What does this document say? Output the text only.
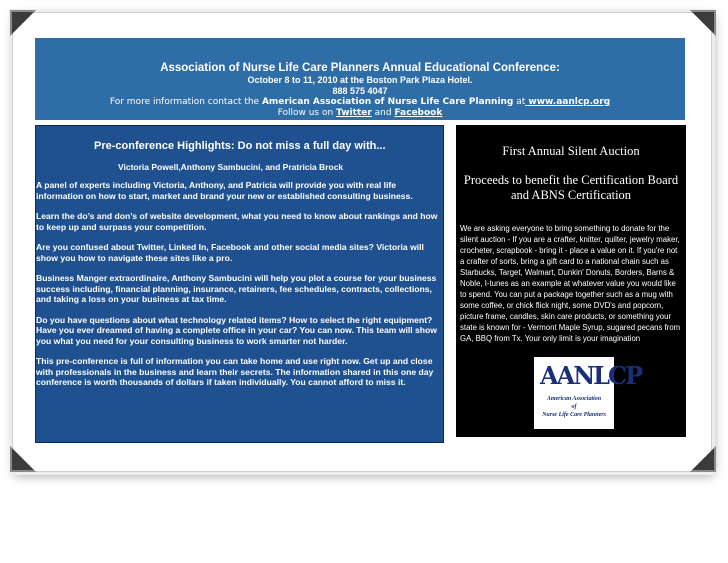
Association of Nurse Life Care Planners Annual Educational Conference:
October 8 to 11, 2010 at the Boston Park Plaza Hotel.
888 575 4047
For more information contact the American Association of Nurse Life Care Planning at www.aanlcp.org
Follow us on Twitter and Facebook
Pre-conference Highlights: Do not miss a full day with...
Victoria Powell,Anthony Sambucini, and Pratricia Brock
A panel of experts including Victoria, Anthony, and Patricia will provide you with real life information on how to start, market and brand your new or established consulting business.
Learn the do’s and don’s of website development, what you need to know about rankings and how to keep up and surpass your competition.
Are you confused about Twitter, Linked In, Facebook and other social media sites? Victoria will show you how to navigate these sites like a pro.
Business Manger extraordinaire, Anthony Sambucini will help you plot a course for your business success including, financial planning, insurance, retainers, fee schedules, contracts, collections, and taking a loss on your business at tax time.
Do you have questions about what technology related items? How to select the right equipment? Have you ever dreamed of having a complete office in your car? You can now. This team will show you what you need for your consulting business to work smarter not harder.
This pre-conference is full of information you can take home and use right now. Get up and close with professionals in the business and learn their secrets. The information shared in this one day conference is worth thousands of dollars if taken individually. You cannot afford to miss it.
First Annual Silent Auction
Proceeds to benefit the Certification Board and ABNS Certification
We are asking everyone to bring something to donate for the silent auction - If you are a crafter, knitter, quilter, jewelry maker, crocheter, scrapbook - bring it - place a value on it. If you're not a crafter of sorts, bring a gift card to a national chain such as Starbucks, Target, Walmart, Dunkin' Donuts, Borders, Barns & Noble, I-tunes as an example at whatever value you would like to spend. You can put a package together such as a mug with some coffee, or chick flick night, some DVD's and popcorn, picture frame, candles, skin care products, or something your state is known for - Vermont Maple Syrup, sugared pecans from GA, BBQ from Tx. Your only limit is your imagination
AANLCP
American Association
of
Nurse Life Care Planners
